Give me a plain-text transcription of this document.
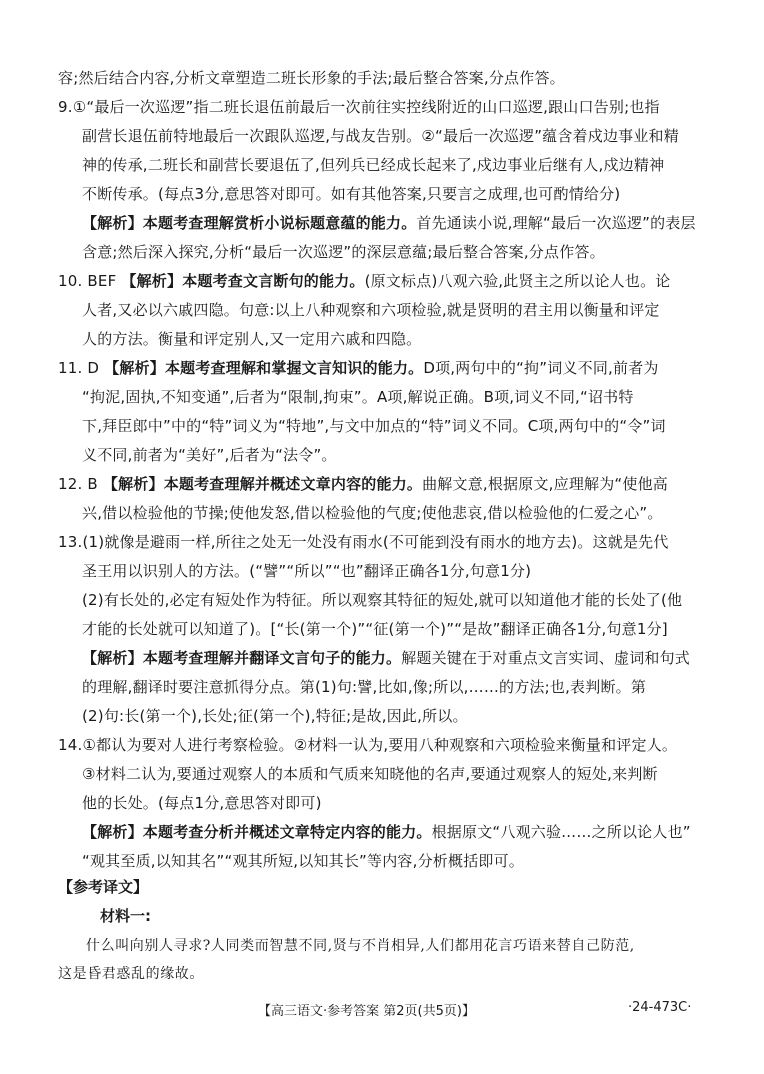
容;然后结合内容,分析文章塑造二班长形象的手法;最后整合答案,分点作答。
9.①“最后一次巡逻”指二班长退伍前最后一次前往实控线附近的山口巡逻,跟山口告别;也指
副营长退伍前特地最后一次跟队巡逻,与战友告别。②“最后一次巡逻”蕴含着戍边事业和精
神的传承,二班长和副营长要退伍了,但列兵已经成长起来了,戍边事业后继有人,戍边精神
不断传承。(每点3分,意思答对即可。如有其他答案,只要言之成理,也可酌情给分)
【解析】本题考查理解赏析小说标题意蕴的能力。首先通读小说,理解“最后一次巡逻”的表层
含意;然后深入探究,分析“最后一次巡逻”的深层意蕴;最后整合答案,分点作答。
10. BEF 【解析】本题考查文言断句的能力。(原文标点)八观六验,此贤主之所以论人也。论
人者,又必以六戚四隐。句意:以上八种观察和六项检验,就是贤明的君主用以衡量和评定
人的方法。衡量和评定别人,又一定用六戚和四隐。
11. D 【解析】本题考查理解和掌握文言知识的能力。D项,两句中的“拘”词义不同,前者为
“拘泥,固执,不知变通”,后者为“限制,拘束”。A项,解说正确。B项,词义不同,“诏书特
下,拜臣郎中”中的“特”词义为“特地”,与文中加点的“特”词义不同。C项,两句中的“令”词
义不同,前者为“美好”,后者为“法令”。
12. B 【解析】本题考查理解并概述文章内容的能力。曲解文意,根据原文,应理解为“使他高
兴,借以检验他的节操;使他发怒,借以检验他的气度;使他悲哀,借以检验他的仁爱之心”。
13.(1)就像是避雨一样,所往之处无一处没有雨水(不可能到没有雨水的地方去)。这就是先代
圣王用以识别人的方法。(“譬”“所以”“也”翻译正确各1分,句意1分)
(2)有长处的,必定有短处作为特征。所以观察其特征的短处,就可以知道他才能的长处了(他
才能的长处就可以知道了)。[“长(第一个)”“征(第一个)”“是故”翻译正确各1分,句意1分]
【解析】本题考查理解并翻译文言句子的能力。解题关键在于对重点文言实词、虚词和句式
的理解,翻译时要注意抓得分点。第(1)句:譬,比如,像;所以,……的方法;也,表判断。第
(2)句:长(第一个),长处;征(第一个),特征;是故,因此,所以。
14.①都认为要对人进行考察检验。②材料一认为,要用八种观察和六项检验来衡量和评定人。
③材料二认为,要通过观察人的本质和气质来知晓他的名声,要通过观察人的短处,来判断
他的长处。(每点1分,意思答对即可)
【解析】本题考查分析并概述文章特定内容的能力。根据原文“八观六验……之所以论人也”
“观其至质,以知其名”“观其所短,以知其长”等内容,分析概括即可。
【参考译文】
材料一:
什么叫向别人寻求?人同类而智慧不同,贤与不肖相异,人们都用花言巧语来替自己防范,
这是昏君惑乱的缘故。
【高三语文·参考答案 第2页(共5页)】	·24-473C·
